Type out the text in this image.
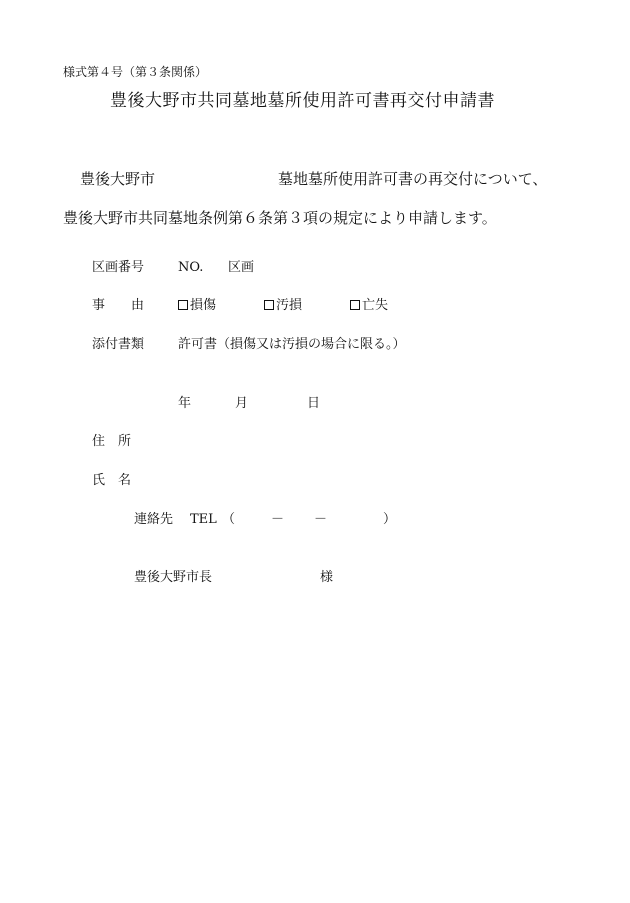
様式第４号（第３条関係）
豊後大野市共同墓地墓所使用許可書再交付申請書
豊後大野市	墓地墓所使用許可書の再交付について、
豊後大野市共同墓地条例第６条第３項の規定により申請します。
区画番号	NO. 区画
事　　由	損傷	汚損	亡失
添付書類	許可書（損傷又は汚損の場合に限る。）
年	月	日
住　所
氏　名
連絡先 TEL （	－ －	）
豊後大野市長	様
